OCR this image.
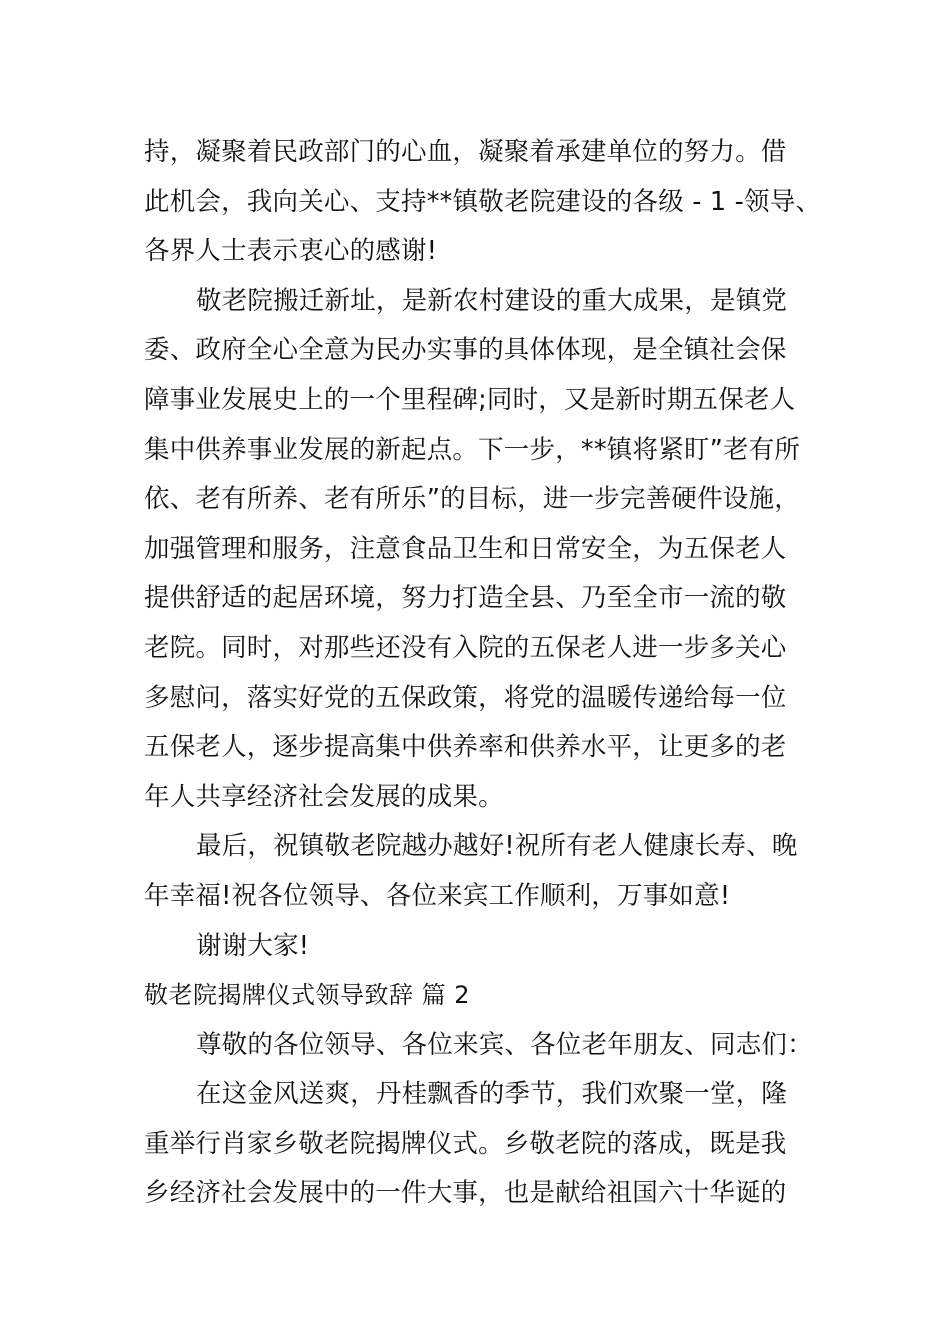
持，凝聚着民政部门的心血，凝聚着承建单位的努力。借
此机会，我向关心、支持**镇敬老院建设的各级 - 1 -领导、
各界人士表示衷心的感谢!
敬老院搬迁新址，是新农村建设的重大成果，是镇党
委、政府全心全意为民办实事的具体体现，是全镇社会保
障事业发展史上的一个里程碑;同时，又是新时期五保老人
集中供养事业发展的新起点。下一步，**镇将紧盯”老有所
依、老有所养、老有所乐”的目标，进一步完善硬件设施，
加强管理和服务，注意食品卫生和日常安全，为五保老人
提供舒适的起居环境，努力打造全县、乃至全市一流的敬
老院。同时，对那些还没有入院的五保老人进一步多关心
多慰问，落实好党的五保政策，将党的温暖传递给每一位
五保老人，逐步提高集中供养率和供养水平，让更多的老
年人共享经济社会发展的成果。
最后，祝镇敬老院越办越好!祝所有老人健康长寿、晚
年幸福!祝各位领导、各位来宾工作顺利，万事如意!
谢谢大家!
敬老院揭牌仪式领导致辞 篇 2
尊敬的各位领导、各位来宾、各位老年朋友、同志们：
在这金风送爽，丹桂飘香的季节，我们欢聚一堂，隆
重举行肖家乡敬老院揭牌仪式。乡敬老院的落成，既是我
乡经济社会发展中的一件大事，也是献给祖国六十华诞的
